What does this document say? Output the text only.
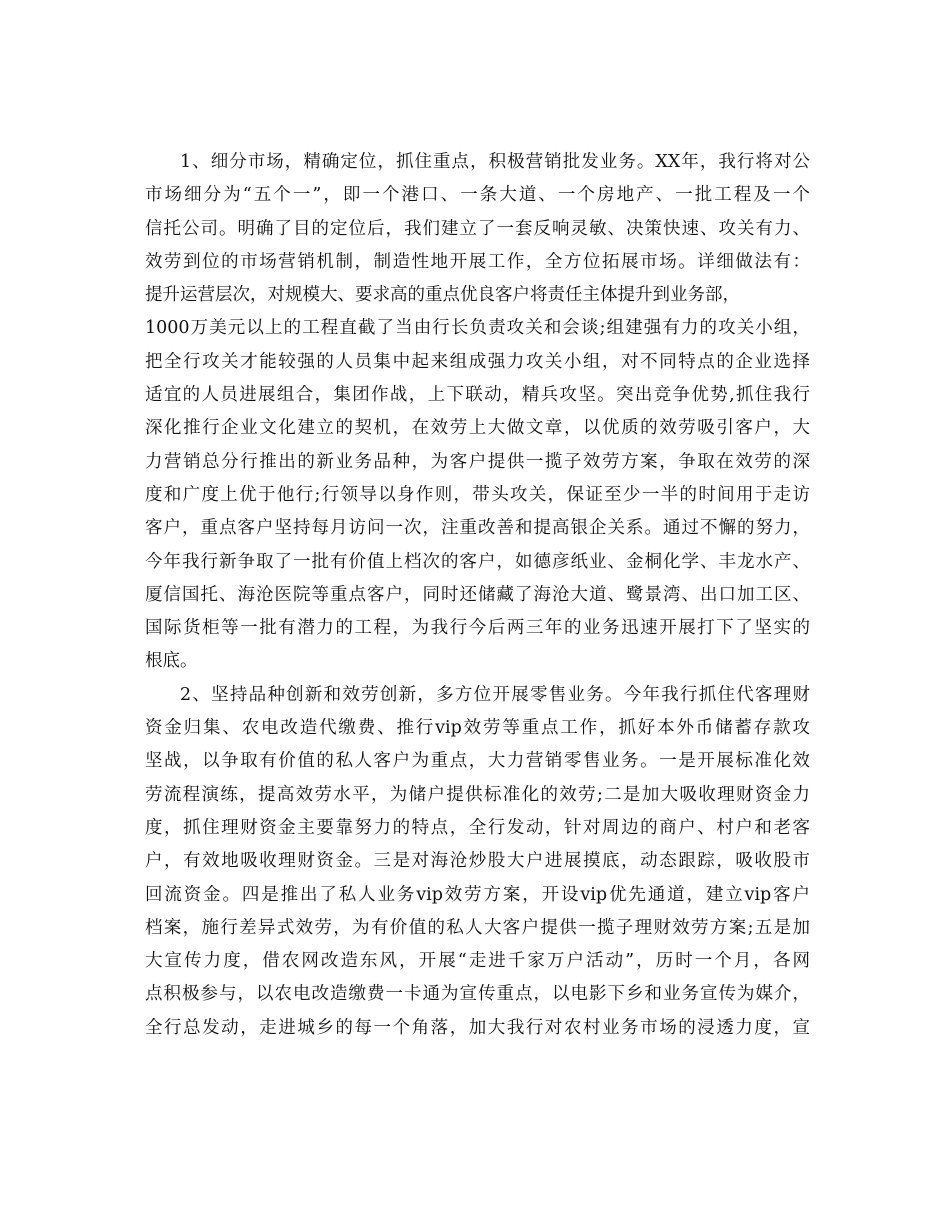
1、细分市场，精确定位，抓住重点，积极营销批发业务。XX年，我行将对公
市场细分为“五个一”，即一个港口、一条大道、一个房地产、一批工程及一个
信托公司。明确了目的定位后，我们建立了一套反响灵敏、决策快速、攻关有力、
效劳到位的市场营销机制，制造性地开展工作，全方位拓展市场。详细做法有：
提升运营层次，对规模大、要求高的重点优良客户将责任主体提升到业务部，
1000万美元以上的工程直截了当由行长负责攻关和会谈;组建强有力的攻关小组，
把全行攻关才能较强的人员集中起来组成强力攻关小组，对不同特点的企业选择
适宜的人员进展组合，集团作战，上下联动，精兵攻坚。突出竞争优势,抓住我行
深化推行企业文化建立的契机，在效劳上大做文章，以优质的效劳吸引客户，大
力营销总分行推出的新业务品种，为客户提供一揽子效劳方案，争取在效劳的深
度和广度上优于他行;行领导以身作则，带头攻关，保证至少一半的时间用于走访
客户，重点客户坚持每月访问一次，注重改善和提高银企关系。通过不懈的努力，
今年我行新争取了一批有价值上档次的客户，如德彦纸业、金桐化学、丰龙水产、
厦信国托、海沧医院等重点客户，同时还储藏了海沧大道、鹭景湾、出口加工区、
国际货柜等一批有潜力的工程，为我行今后两三年的业务迅速开展打下了坚实的
根底。
2、坚持品种创新和效劳创新，多方位开展零售业务。今年我行抓住代客理财
资金归集、农电改造代缴费、推行vip效劳等重点工作，抓好本外币储蓄存款攻
坚战，以争取有价值的私人客户为重点，大力营销零售业务。一是开展标准化效
劳流程演练，提高效劳水平，为储户提供标准化的效劳;二是加大吸收理财资金力
度，抓住理财资金主要靠努力的特点，全行发动，针对周边的商户、村户和老客
户，有效地吸收理财资金。三是对海沧炒股大户进展摸底，动态跟踪，吸收股市
回流资金。四是推出了私人业务vip效劳方案，开设vip优先通道，建立vip客户
档案，施行差异式效劳，为有价值的私人大客户提供一揽子理财效劳方案;五是加
大宣传力度，借农网改造东风，开展“走进千家万户活动”，历时一个月，各网
点积极参与，以农电改造缴费一卡通为宣传重点，以电影下乡和业务宣传为媒介，
全行总发动，走进城乡的每一个角落，加大我行对农村业务市场的浸透力度，宣
